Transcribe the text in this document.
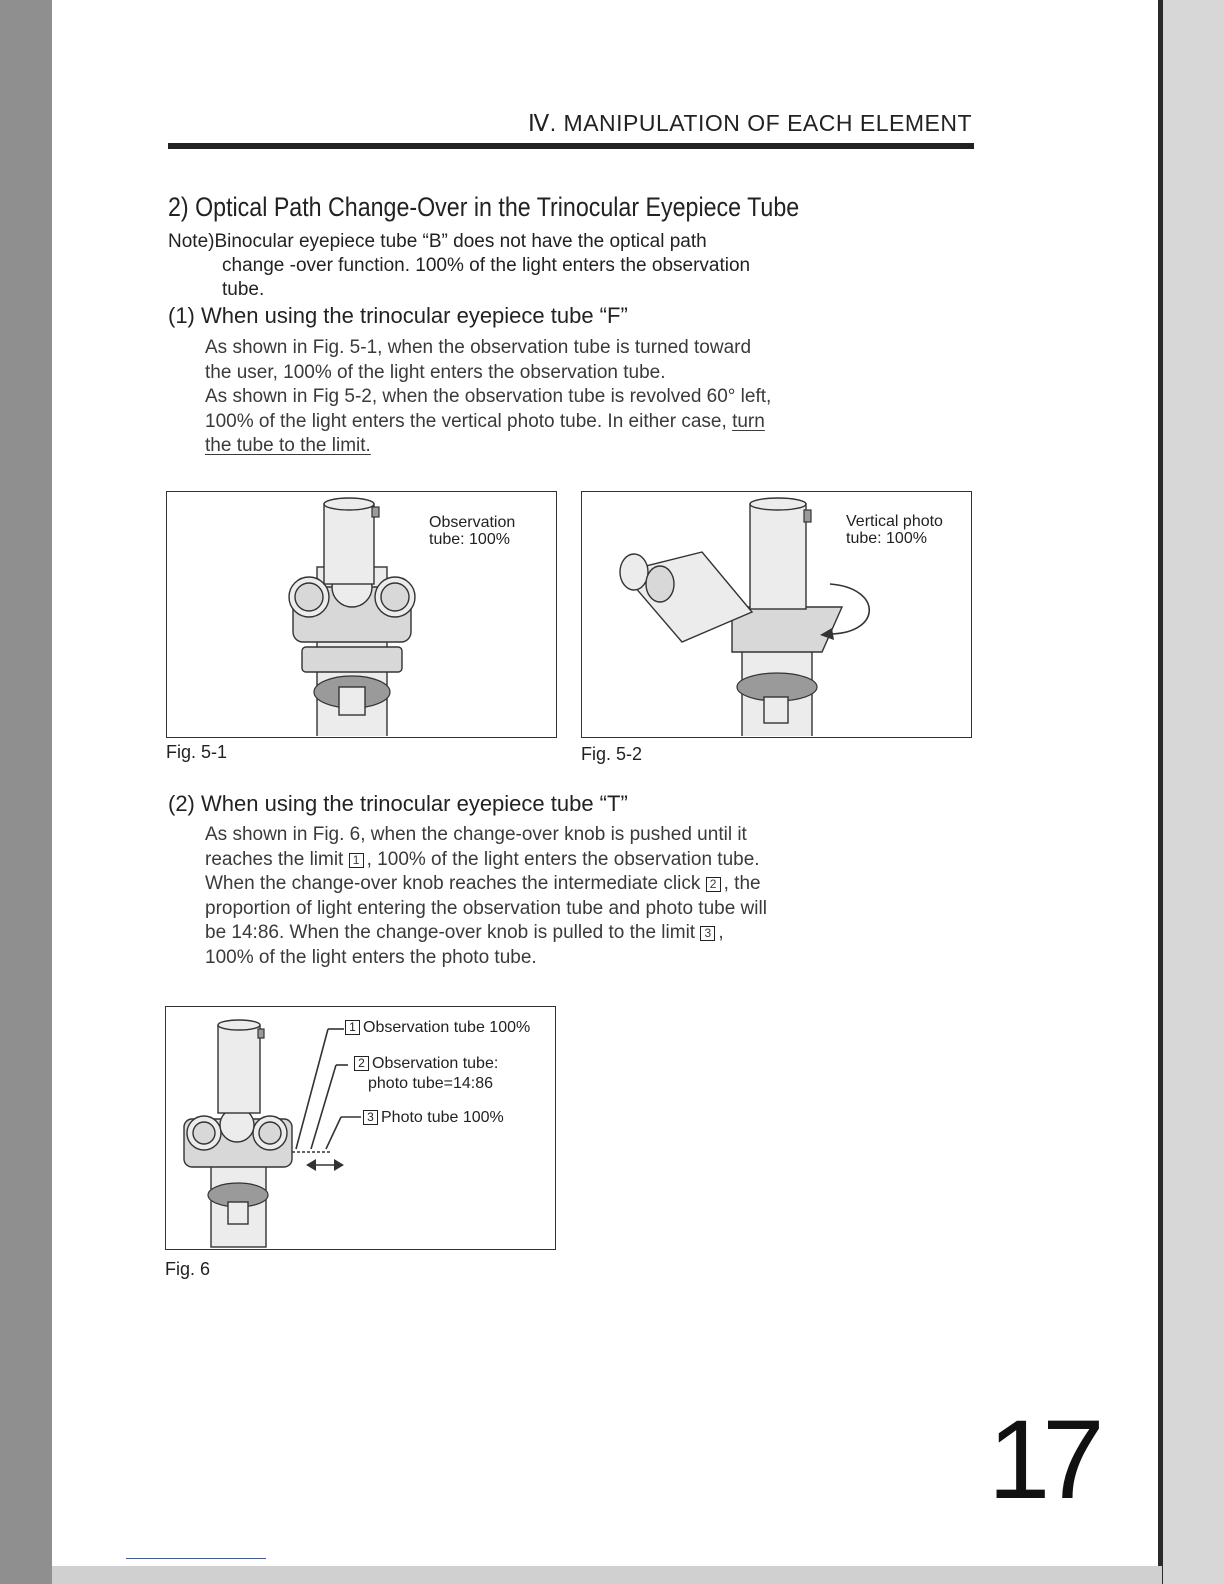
Ⅳ. MANIPULATION OF EACH ELEMENT
2) Optical Path Change-Over in the Trinocular Eyepiece Tube
Note)Binocular eyepiece tube “B” does not have the optical path
change -over function. 100% of the light enters the observation
tube.
(1) When using the trinocular eyepiece tube “F”
As shown in Fig. 5-1, when the observation tube is turned toward
the user, 100% of the light enters the observation tube.
As shown in Fig 5-2, when the observation tube is revolved 60° left,
100% of the light enters the vertical photo tube. In either case, turn
the tube to the limit.
Observation
tube: 100%
Fig. 5-1
Vertical photo
tube: 100%
Fig. 5-2
(2) When using the trinocular eyepiece tube “T”
As shown in Fig. 6, when the change-over knob is pushed until it
reaches the limit 1 , 100% of the light enters the observation tube.
When the change-over knob reaches the intermediate click 2 , the
proportion of light entering the observation tube and photo tube will
be 14:86. When the change-over knob is pulled to the limit 3 ,
100% of the light enters the photo tube.
1 Observation tube 100%
2 Observation tube:
photo tube=14:86
3 Photo tube 100%
Fig. 6
17
